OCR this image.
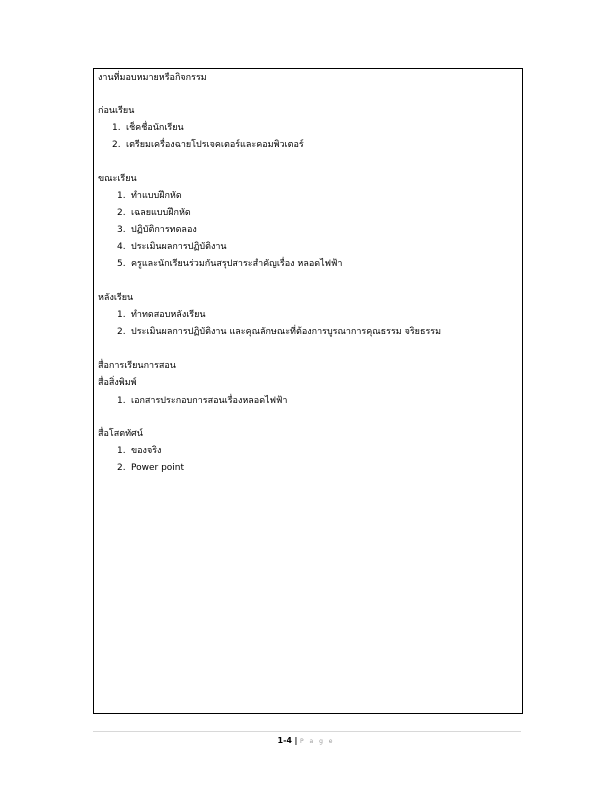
งานที่มอบหมายหรือกิจกรรม
ก่อนเรียน
1. เช็คชื่อนักเรียน
2. เตรียมเครื่องฉายโปรเจคเตอร์และคอมพิวเตอร์
ขณะเรียน
1. ทำแบบฝึกหัด
2. เฉลยแบบฝึกหัด
3. ปฏิบัติการทดลอง
4. ประเมินผลการปฏิบัติงาน
5. ครูและนักเรียนร่วมกันสรุปสาระสำคัญเรื่อง หลอดไฟฟ้า
หลังเรียน
1. ทำทดสอบหลังเรียน
2. ประเมินผลการปฏิบัติงาน และคุณลักษณะที่ต้องการบูรณาการคุณธรรม จริยธรรม
สื่อการเรียนการสอน
สื่อสิ่งพิมพ์
1. เอกสารประกอบการสอนเรื่องหลอดไฟฟ้า
สื่อโสตทัศน์
1. ของจริง
2. Power point
1-4 | P a g e
